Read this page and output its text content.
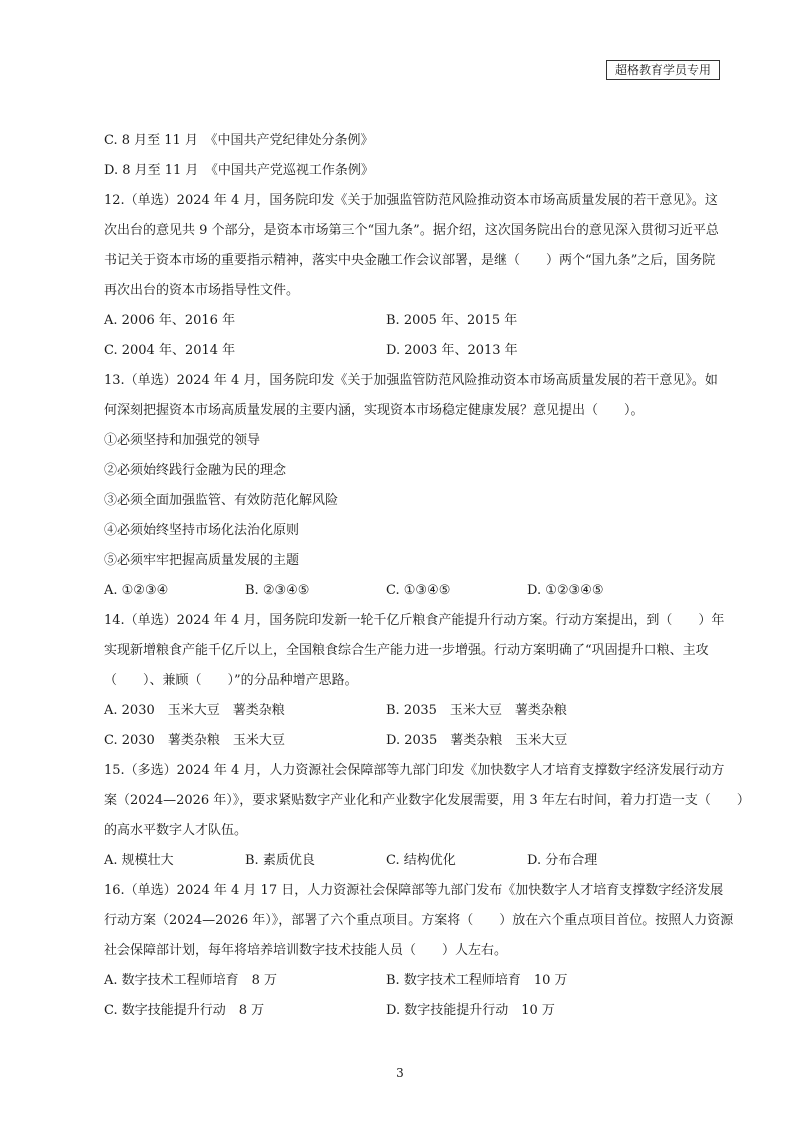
超格教育学员专用
C. 8 月至 11 月　《中国共产党纪律处分条例》
D. 8 月至 11 月　《中国共产党巡视工作条例》
12.（单选）2024 年 4 月，国务院印发《关于加强监管防范风险推动资本市场高质量发展的若干意见》。这
次出台的意见共 9 个部分，是资本市场第三个“国九条”。据介绍，这次国务院出台的意见深入贯彻习近平总
书记关于资本市场的重要指示精神，落实中央金融工作会议部署，是继（　　）两个“国九条”之后，国务院
再次出台的资本市场指导性文件。
A. 2006 年、2016 年	B. 2005 年、2015 年
C. 2004 年、2014 年	D. 2003 年、2013 年
13.（单选）2024 年 4 月，国务院印发《关于加强监管防范风险推动资本市场高质量发展的若干意见》。如
何深刻把握资本市场高质量发展的主要内涵，实现资本市场稳定健康发展？意见提出（　　）。
①必须坚持和加强党的领导
②必须始终践行金融为民的理念
③必须全面加强监管、有效防范化解风险
④必须始终坚持市场化法治化原则
⑤必须牢牢把握高质量发展的主题
A. ①②③④	B. ②③④⑤	C. ①③④⑤	D. ①②③④⑤
14.（单选）2024 年 4 月，国务院印发新一轮千亿斤粮食产能提升行动方案。行动方案提出，到（　　）年
实现新增粮食产能千亿斤以上，全国粮食综合生产能力进一步增强。行动方案明确了“巩固提升口粮、主攻
（　　）、兼顾（　　）”的分品种增产思路。
A. 2030　玉米大豆　薯类杂粮	B. 2035　玉米大豆　薯类杂粮
C. 2030　薯类杂粮　玉米大豆	D. 2035　薯类杂粮　玉米大豆
15.（多选）2024 年 4 月，人力资源社会保障部等九部门印发《加快数字人才培育支撑数字经济发展行动方
案（2024—2026 年）》，要求紧贴数字产业化和产业数字化发展需要，用 3 年左右时间，着力打造一支（　　）
的高水平数字人才队伍。
A. 规模壮大	B. 素质优良	C. 结构优化	D. 分布合理
16.（单选）2024 年 4 月 17 日，人力资源社会保障部等九部门发布《加快数字人才培育支撑数字经济发展
行动方案（2024—2026 年）》，部署了六个重点项目。方案将（　　）放在六个重点项目首位。按照人力资源
社会保障部计划，每年将培养培训数字技术技能人员（　　）人左右。
A. 数字技术工程师培育　8 万	B. 数字技术工程师培育　10 万
C. 数字技能提升行动　8 万	D. 数字技能提升行动　10 万
3
